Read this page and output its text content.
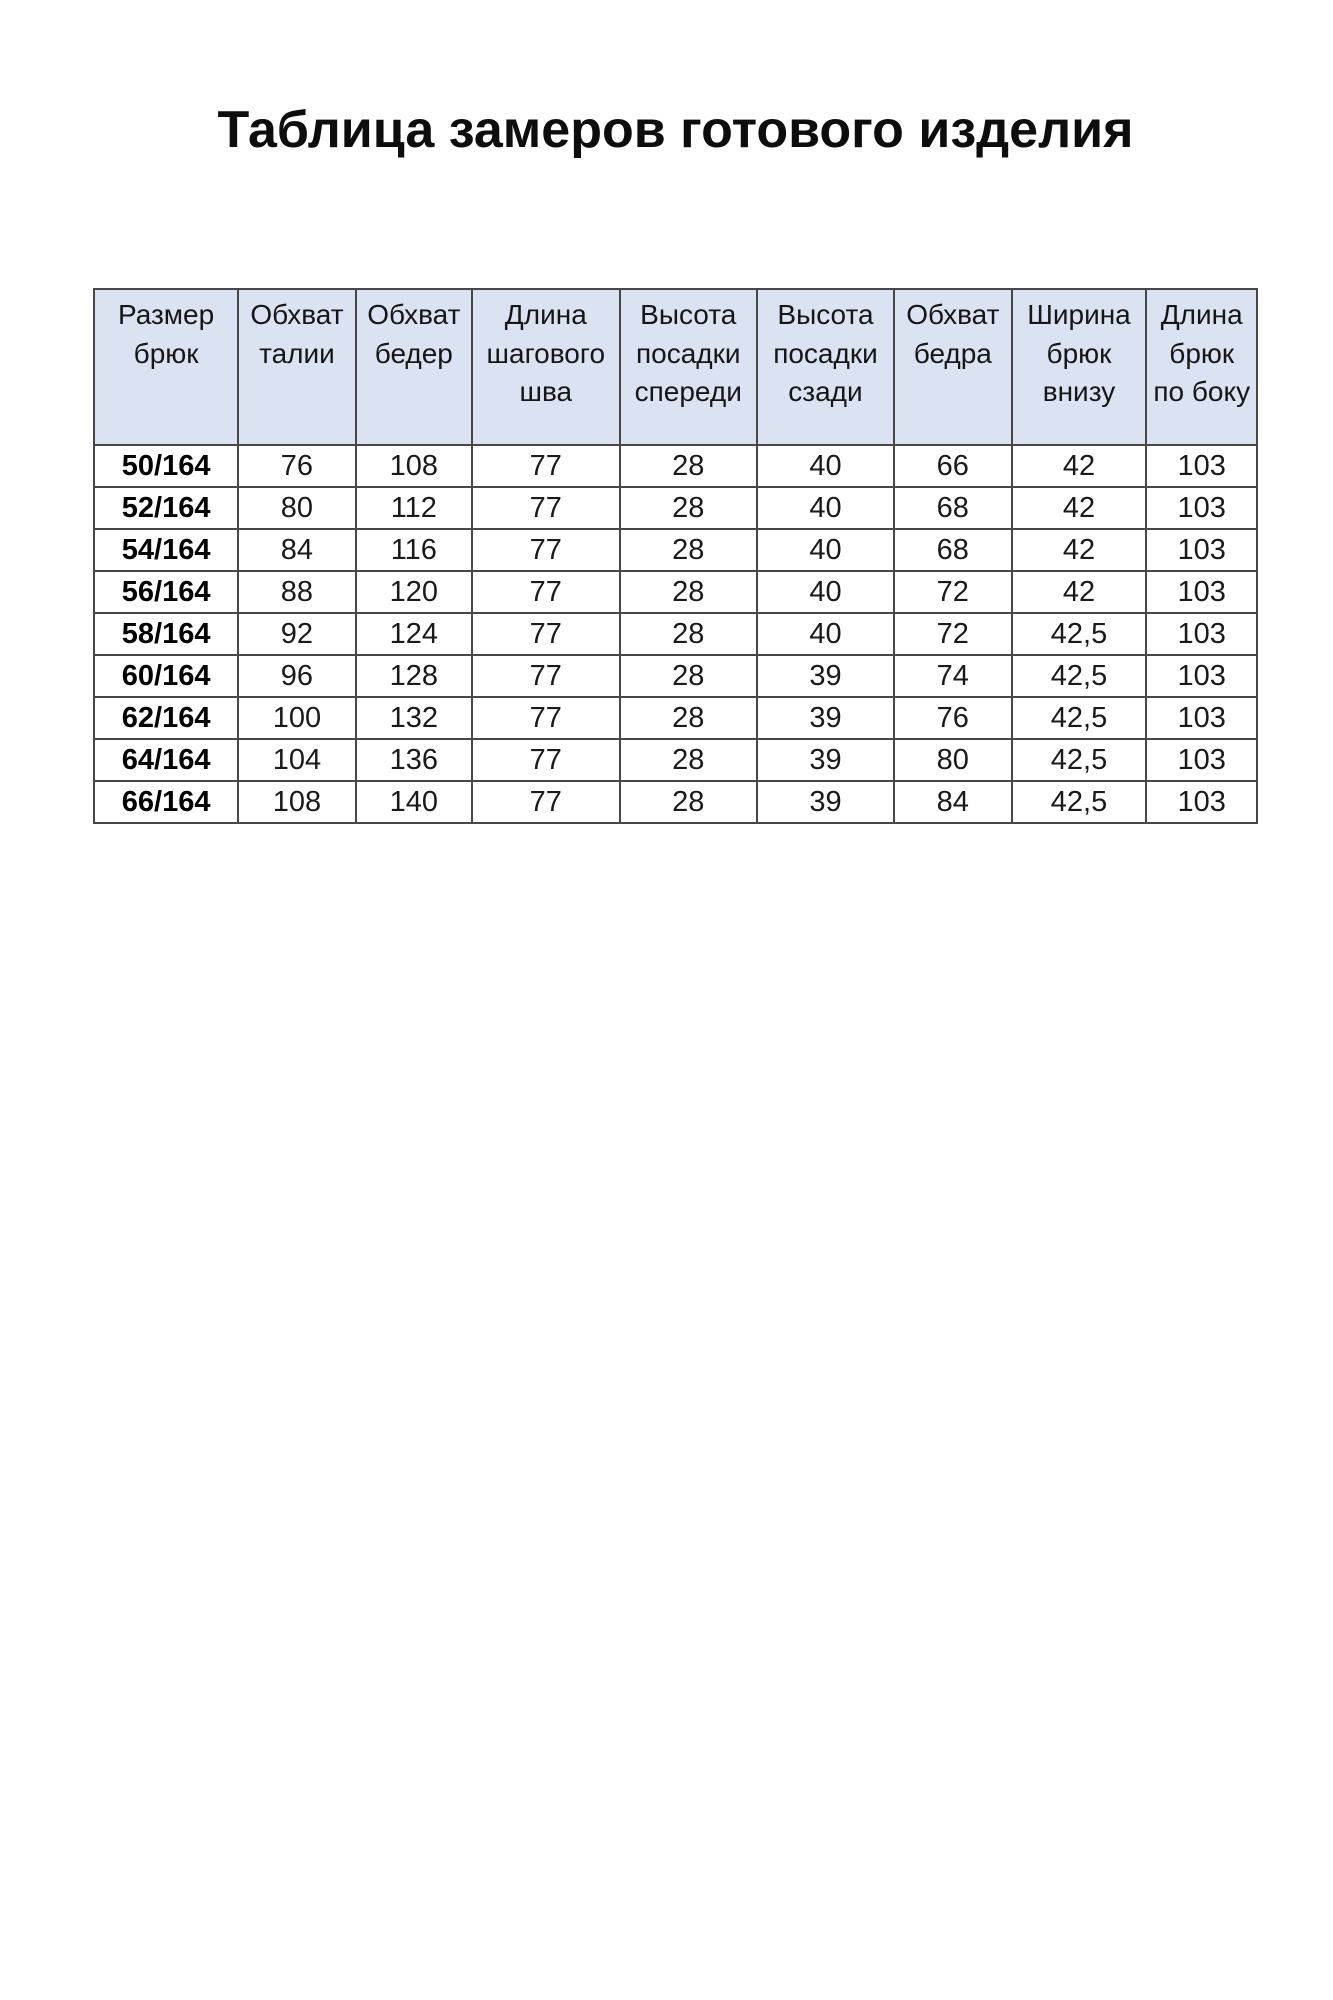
Таблица замеров готового изделия
Размер брюк	Обхват талии	Обхват бедер	Длина шагового шва	Высота посадки спереди	Высота посадки сзади	Обхват бедра	Ширина брюк внизу	Длина брюк по боку
50/164	76	108	77	28	40	66	42	103
52/164	80	112	77	28	40	68	42	103
54/164	84	116	77	28	40	68	42	103
56/164	88	120	77	28	40	72	42	103
58/164	92	124	77	28	40	72	42,5	103
60/164	96	128	77	28	39	74	42,5	103
62/164	100	132	77	28	39	76	42,5	103
64/164	104	136	77	28	39	80	42,5	103
66/164	108	140	77	28	39	84	42,5	103
